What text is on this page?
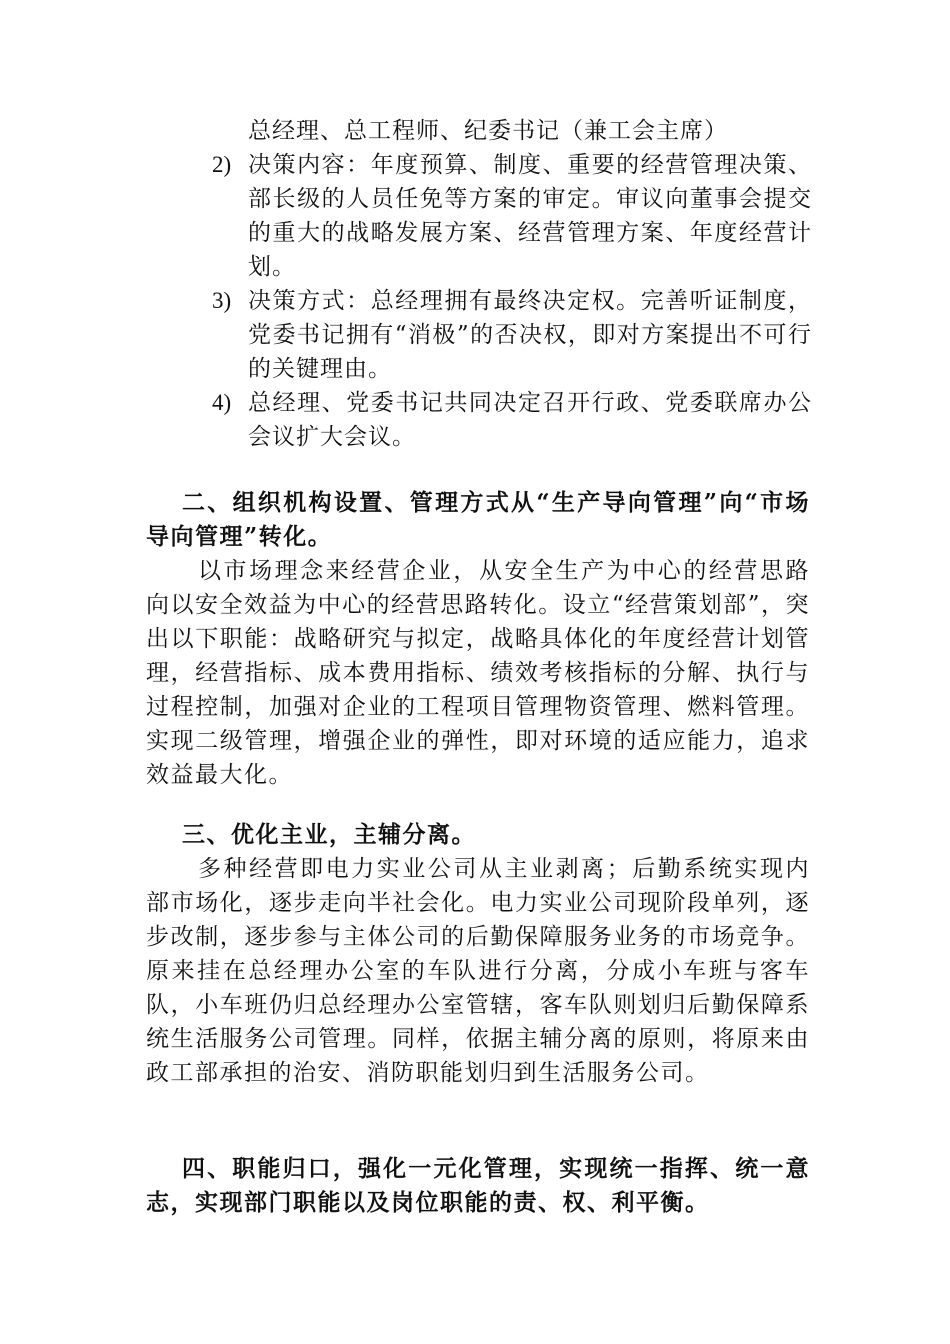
总经理、总工程师、纪委书记（兼工会主席）
2) 决策内容：年度预算、制度、重要的经营管理决策、部长级的人员任免等方案的审定。审议向董事会提交的重大的战略发展方案、经营管理方案、年度经营计划。
3) 决策方式：总经理拥有最终决定权。完善听证制度，党委书记拥有“消极”的否决权，即对方案提出不可行的关键理由。
4) 总经理、党委书记共同决定召开行政、党委联席办公会议扩大会议。
二、组织机构设置、管理方式从“生产导向管理”向“市场导向管理”转化。
以市场理念来经营企业，从安全生产为中心的经营思路向以安全效益为中心的经营思路转化。设立“经营策划部”，突出以下职能：战略研究与拟定，战略具体化的年度经营计划管理，经营指标、成本费用指标、绩效考核指标的分解、执行与过程控制，加强对企业的工程项目管理物资管理、燃料管理。实现二级管理，增强企业的弹性，即对环境的适应能力，追求效益最大化。
三、优化主业，主辅分离。
多种经营即电力实业公司从主业剥离；后勤系统实现内部市场化，逐步走向半社会化。电力实业公司现阶段单列，逐步改制，逐步参与主体公司的后勤保障服务业务的市场竞争。原来挂在总经理办公室的车队进行分离，分成小车班与客车队，小车班仍归总经理办公室管辖，客车队则划归后勤保障系统生活服务公司管理。同样，依据主辅分离的原则，将原来由政工部承担的治安、消防职能划归到生活服务公司。
四、职能归口，强化一元化管理，实现统一指挥、统一意志，实现部门职能以及岗位职能的责、权、利平衡。
